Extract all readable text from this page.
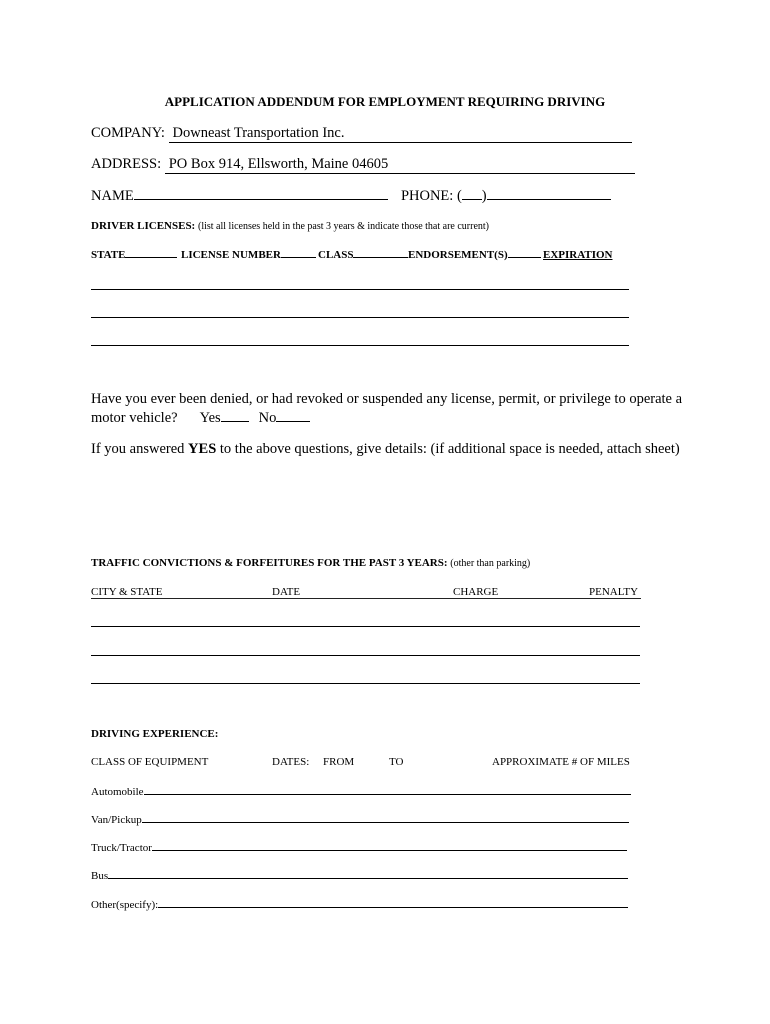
APPLICATION ADDENDUM FOR EMPLOYMENT REQUIRING DRIVING
COMPANY: Downeast Transportation Inc.
ADDRESS: PO Box 914, Ellsworth, Maine 04605
NAME	PHONE: ( )
DRIVER LICENSES: (list all licenses held in the past 3 years & indicate those that are current)
STATE	LICENSE NUMBER	CLASS	ENDORSEMENT(S)	EXPIRATION
Have you ever been denied, or had revoked or suspended any license, permit, or privilege to operate a
motor vehicle? Yes	No
If you answered YES to the above questions, give details: (if additional space is needed, attach sheet)
TRAFFIC CONVICTIONS & FORFEITURES FOR THE PAST 3 YEARS: (other than parking)
CITY & STATE	DATE	CHARGE	PENALTY
DRIVING EXPERIENCE:
CLASS OF EQUIPMENT	DATES: FROM	TO	APPROXIMATE # OF MILES
Automobile
Van/Pickup
Truck/Tractor
Bus
Other(specify):
